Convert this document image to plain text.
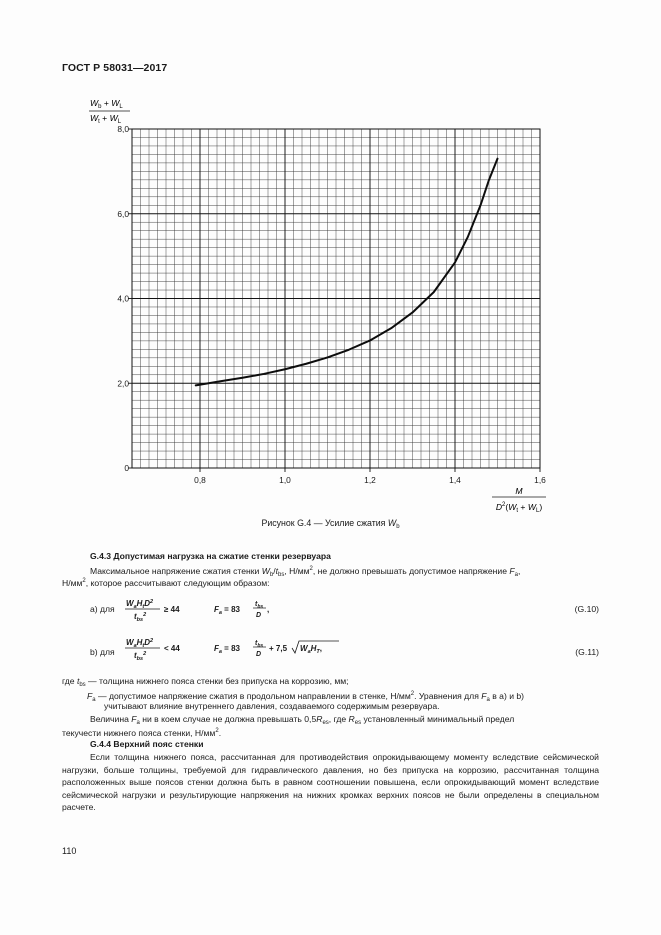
ГОСТ Р 58031—2017
0,8	1,0	1,2	1,4	1,6
0
2,0
4,0
6,0
8,0
$W_b + W_L$
$W_t + W_L$
M
$D^2(W_t + W_L)$
Рисунок G.4 — Усилие сжатия $W_b$
G.4.3 Допустимая нагрузка на сжатие стенки резервуара
Максимальное напряжение сжатия стенки $W_b/t_{bs}$, $Н/мм^2$, не должно превышать допустимое напряжение $F_a$,
$Н/мм^2$, которое рассчитывают следующим образом:
а) для
$W_aH_tD^2$
$t_{bs}^2$
≥ 44	$F_a = 83$
$t_{bs}$
D
,	(G.10)
b) для
$W_aH_tD^2$
$t_{bs}^2$
< 44	$F_a = 83$
$t_{bs}$
D
+ 7,5 $W_aH_T$,	(G.11)
где $t_{bs}$ — толщина нижнего пояса стенки без припуска на коррозию, мм;
$F_a$ — допустимое напряжение сжатия в продольном направлении в стенке, $Н/мм^2$. Уравнения для $F_a$ в а) и b)
учитывают влияние внутреннего давления, создаваемого содержимым резервуара.
Величина $F_a$ ни в коем случае не должна превышать $0,5R_{es}$, где $R_{es}$ установленный минимальный предел
текучести нижнего пояса стенки, $Н/мм^2$.
G.4.4 Верхний пояс стенки
Если толщина нижнего пояса, рассчитанная для противодействия опрокидывающему моменту вследствие сейсмической нагрузки, больше толщины, требуемой для гидравлического давления, но без припуска на коррозию, рассчитанная толщина расположенных выше поясов стенки должна быть в равном соотношении повышена, если опрокидывающий момент вследствие сейсмической нагрузки и результирующие напряжения на нижних кромках верхних поясов не были определены в специальном расчете.
110
